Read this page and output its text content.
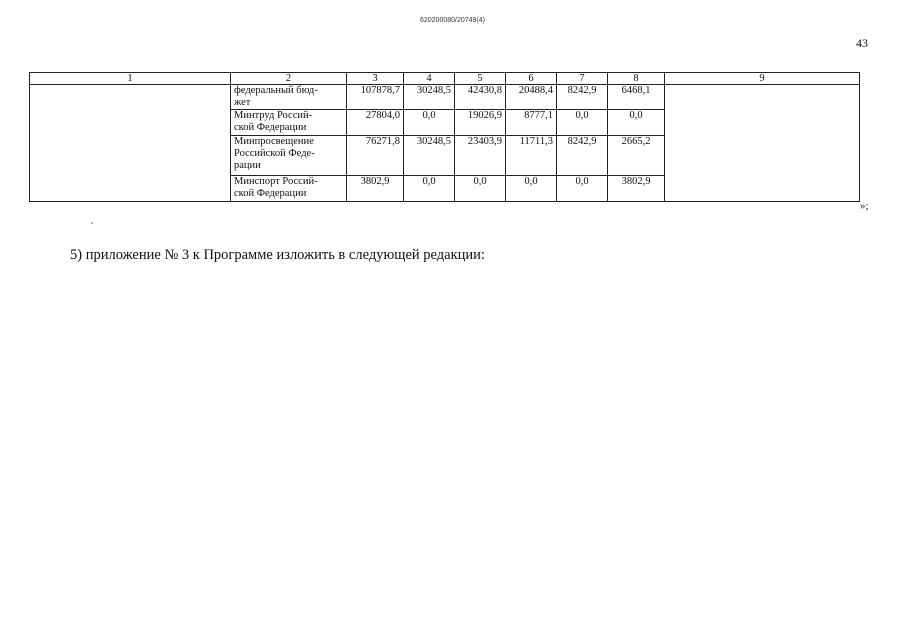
620200080/20749(4)
43
1	2	3	4	5	6	7	8	9

	федеральный бюд-
жет	107878,7	30248,5	42430,8	20488,4	8242,9	6468,1	

	Минтруд Россий-
ской Федерации	27804,0	0,0	19026,9	8777,1	0,0	0,0	

	Минпросвещение
Российской Феде-
рации	76271,8	30248,5	23403,9	11711,3	8242,9	2665,2	

	Минспорт Россий-
ской Федерации	3802,9	0,0	0,0	0,0	0,0	3802,9	
»;
5) приложение № 3 к Программе изложить в следующей редакции:
